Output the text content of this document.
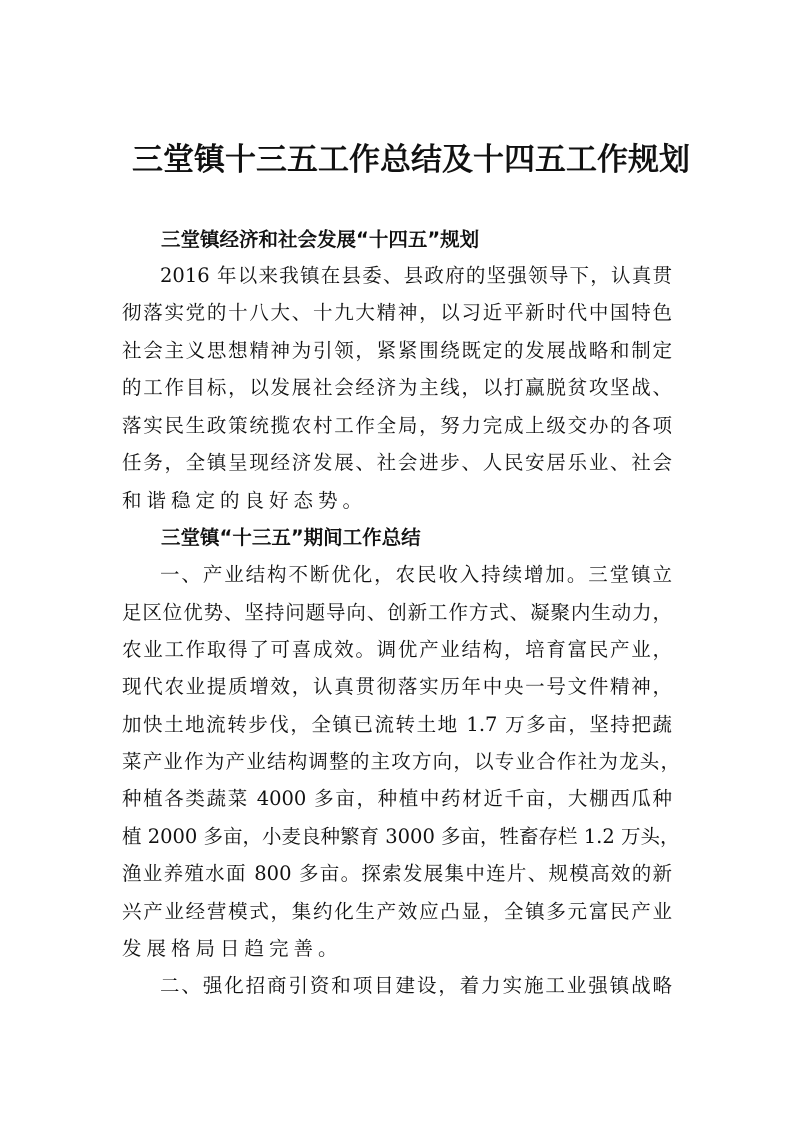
三堂镇十三五工作总结及十四五工作规划
三堂镇经济和社会发展“十四五”规划
2016 年以来我镇在县委、县政府的坚强领导下，认真贯
彻落实党的十八大、十九大精神，以习近平新时代中国特色
社会主义思想精神为引领，紧紧围绕既定的发展战略和制定
的工作目标，以发展社会经济为主线，以打赢脱贫攻坚战、
落实民生政策统揽农村工作全局，努力完成上级交办的各项
任务，全镇呈现经济发展、社会进步、人民安居乐业、社会
和谐稳定的良好态势。
三堂镇“十三五”期间工作总结
一、产业结构不断优化，农民收入持续增加。三堂镇立
足区位优势、坚持问题导向、创新工作方式、凝聚内生动力，
农业工作取得了可喜成效。调优产业结构，培育富民产业，
现代农业提质增效，认真贯彻落实历年中央一号文件精神，
加快土地流转步伐，全镇已流转土地 1.7 万多亩，坚持把蔬
菜产业作为产业结构调整的主攻方向，以专业合作社为龙头，
种植各类蔬菜 4000 多亩，种植中药材近千亩，大棚西瓜种
植 2000 多亩，小麦良种繁育 3000 多亩，牲畜存栏 1.2 万头，
渔业养殖水面 800 多亩。探索发展集中连片、规模高效的新
兴产业经营模式，集约化生产效应凸显，全镇多元富民产业
发展格局日趋完善。
二、强化招商引资和项目建设，着力实施工业强镇战略
